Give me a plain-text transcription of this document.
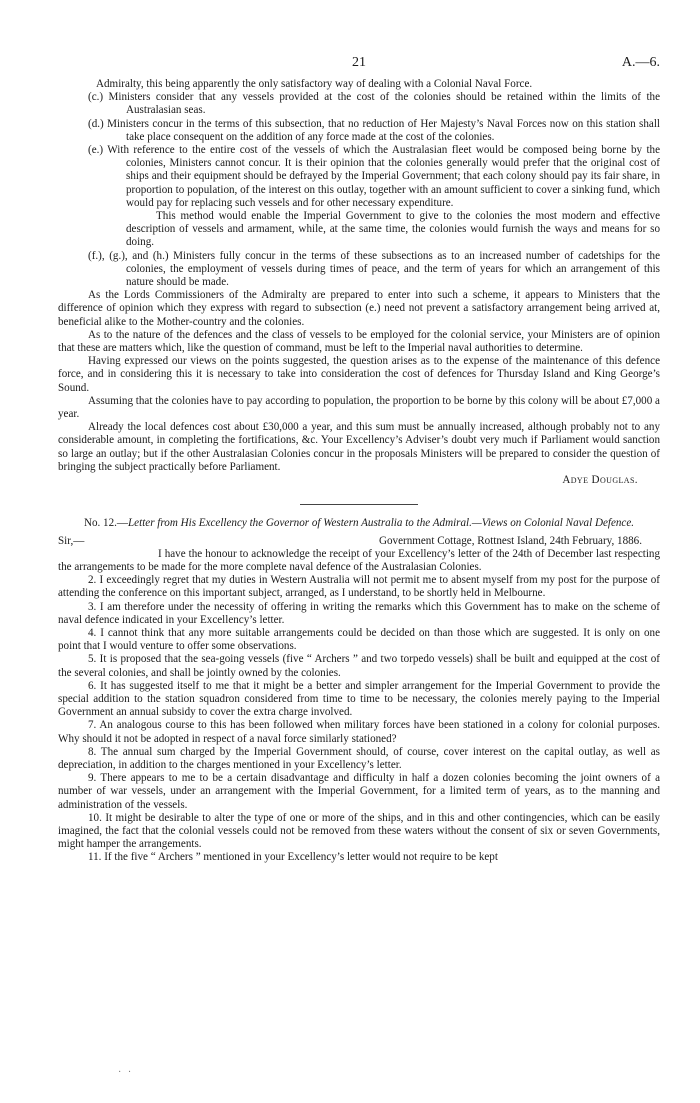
21	A.—6.

Admiralty, this being apparently the only satisfactory way of dealing with a Colonial Naval Force.

(c.) Ministers consider that any vessels provided at the cost of the colonies should be retained within the limits of the Australasian seas.

(d.) Ministers concur in the terms of this subsection, that no reduction of Her Majesty’s Naval Forces now on this station shall take place consequent on the addition of any force made at the cost of the colonies.

(e.) With reference to the entire cost of the vessels of which the Australasian fleet would be composed being borne by the colonies, Ministers cannot concur. It is their opinion that the colonies generally would prefer that the original cost of ships and their equipment should be defrayed by the Imperial Government; that each colony should pay its fair share, in proportion to population, of the interest on this outlay, together with an amount sufficient to cover a sinking fund, which would pay for replacing such vessels and for other necessary expenditure.

This method would enable the Imperial Government to give to the colonies the most modern and effective description of vessels and armament, while, at the same time, the colonies would furnish the ways and means for so doing.

(f.), (g.), and (h.) Ministers fully concur in the terms of these subsections as to an increased number of cadetships for the colonies, the employment of vessels during times of peace, and the term of years for which an arrangement of this nature should be made.

As the Lords Commissioners of the Admiralty are prepared to enter into such a scheme, it appears to Ministers that the difference of opinion which they express with regard to subsection (e.) need not prevent a satisfactory arrangement being arrived at, beneficial alike to the Mother-country and the colonies.

As to the nature of the defences and the class of vessels to be employed for the colonial service, your Ministers are of opinion that these are matters which, like the question of command, must be left to the Imperial naval authorities to determine.

Having expressed our views on the points suggested, the question arises as to the expense of the maintenance of this defence force, and in considering this it is necessary to take into consideration the cost of defences for Thursday Island and King George’s Sound.

Assuming that the colonies have to pay according to population, the proportion to be borne by this colony will be about £7,000 a year.

Already the local defences cost about £30,000 a year, and this sum must be annually increased, although probably not to any considerable amount, in completing the fortifications, &c. Your Excellency’s Adviser’s doubt very much if Parliament would sanction so large an outlay; but if the other Australasian Colonies concur in the proposals Ministers will be prepared to consider the question of bringing the subject practically before Parliament.

Adye Douglas.

No. 12.—Letter from His Excellency the Governor of Western Australia to the Admiral.—Views on Colonial Naval Defence.

Sir,—	Government Cottage, Rottnest Island, 24th February, 1886.

I have the honour to acknowledge the receipt of your Excellency’s letter of the 24th of December last respecting the arrangements to be made for the more complete naval defence of the Australasian Colonies.

2. I exceedingly regret that my duties in Western Australia will not permit me to absent myself from my post for the purpose of attending the conference on this important subject, arranged, as I understand, to be shortly held in Melbourne.

3. I am therefore under the necessity of offering in writing the remarks which this Government has to make on the scheme of naval defence indicated in your Excellency’s letter.

4. I cannot think that any more suitable arrangements could be decided on than those which are suggested. It is only on one point that I would venture to offer some observations.

5. It is proposed that the sea-going vessels (five “ Archers ” and two torpedo vessels) shall be built and equipped at the cost of the several colonies, and shall be jointly owned by the colonies.

6. It has suggested itself to me that it might be a better and simpler arrangement for the Imperial Government to provide the special addition to the station squadron considered from time to time to be necessary, the colonies merely paying to the Imperial Government an annual subsidy to cover the extra charge involved.

7. An analogous course to this has been followed when military forces have been stationed in a colony for colonial purposes. Why should it not be adopted in respect of a naval force similarly stationed?

8. The annual sum charged by the Imperial Government should, of course, cover interest on the capital outlay, as well as depreciation, in addition to the charges mentioned in your Excellency’s letter.

9. There appears to me to be a certain disadvantage and difficulty in half a dozen colonies becoming the joint owners of a number of war vessels, under an arrangement with the Imperial Government, for a limited term of years, as to the manning and administration of the vessels.

10. It might be desirable to alter the type of one or more of the ships, and in this and other contingencies, which can be easily imagined, the fact that the colonial vessels could not be removed from these waters without the consent of six or seven Governments, might hamper the arrangements.

11. If the five “ Archers ” mentioned in your Excellency’s letter would not require to be kept

· ·
